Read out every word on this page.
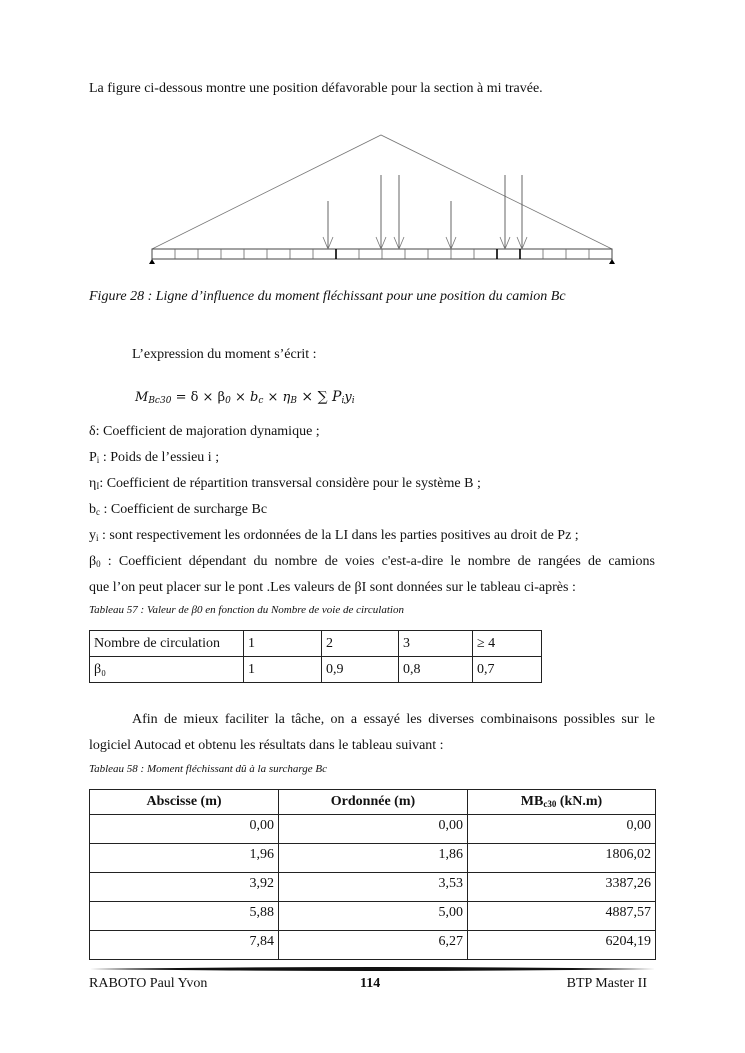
La figure ci-dessous montre une position défavorable pour la section à mi travée.
Figure 28 : Ligne d’influence du moment fléchissant pour une position du camion Bc
L’expression du moment s’écrit :
$M_{Bc30} = \delta \times \beta_0 \times b_c \times \eta_B$ × ∑ $P_iy_i$
δ: Coefficient de majoration dynamique ;
$P_i$ : Poids de l’essieu i ;
$\eta_I$: Coefficient de répartition transversal considère pour le système B ;
$b_c$ : Coefficient de surcharge Bc
$y_i$ : sont respectivement les ordonnées de la LI dans les parties positives au droit de Pz ;
$\beta_0$ : Coefficient dépendant du nombre de voies c'est-a-dire le nombre de rangées de camions
que l’on peut placer sur le pont .Les valeurs de βI sont données sur le tableau ci-après :
Tableau 57 : Valeur de β0 en fonction du Nombre de voie de circulation
Nombre de circulation	1	2	3	≥ 4
β₀	1	0,9	0,8	0,7
Afin de mieux faciliter la tâche, on a essayé les diverses combinaisons possibles sur le
logiciel Autocad et obtenu les résultats dans le tableau suivant :
Tableau 58 : Moment fléchissant dû à la surcharge Bc
Abscisse (m)	Ordonnée (m)	$MB_{c30}$ (kN.m)
0,00	0,00	0,00
1,96	1,86	1806,02
3,92	3,53	3387,26
5,88	5,00	4887,57
7,84	6,27	6204,19
RABOTO Paul Yvon	114	BTP Master II
